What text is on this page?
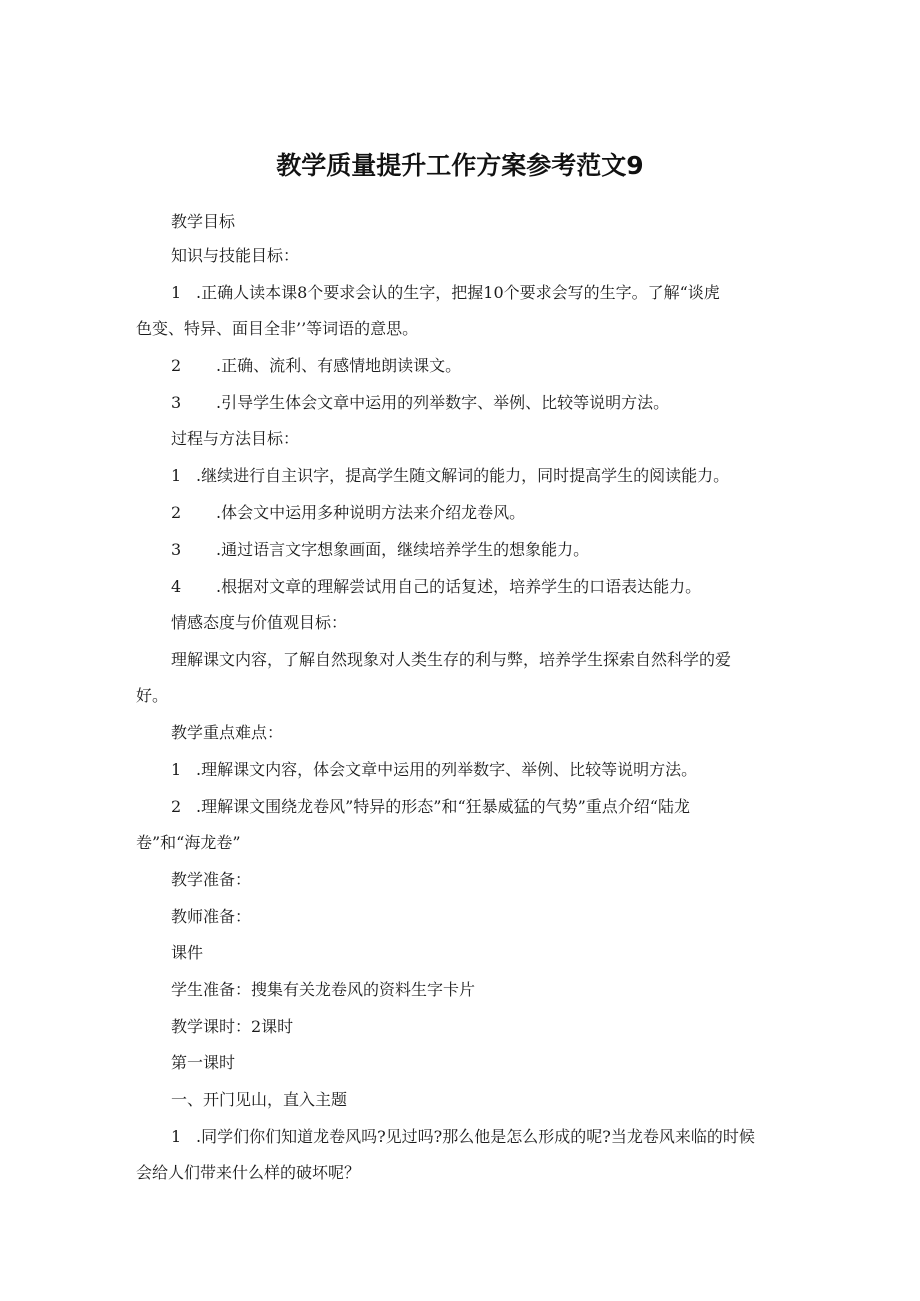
教学质量提升工作方案参考范文9
教学目标
知识与技能目标：
1 .正确人读本课8个要求会认的生字，把握10个要求会写的生字。了解“谈虎
色变、特异、面目全非’’等词语的意思。
2 .正确、流利、有感情地朗读课文。
3 .引导学生体会文章中运用的列举数字、举例、比较等说明方法。
过程与方法目标：
1 .继续进行自主识字，提高学生随文解词的能力，同时提高学生的阅读能力。
2 .体会文中运用多种说明方法来介绍龙卷风。
3 .通过语言文字想象画面，继续培养学生的想象能力。
4 .根据对文章的理解尝试用自己的话复述，培养学生的口语表达能力。
情感态度与价值观目标：
理解课文内容，了解自然现象对人类生存的利与弊，培养学生探索自然科学的爱
好。
教学重点难点：
1 .理解课文内容，体会文章中运用的列举数字、举例、比较等说明方法。
2 .理解课文围绕龙卷风”特异的形态”和“狂暴威猛的气势”重点介绍“陆龙
卷”和“海龙卷”
教学准备：
教师准备：
课件
学生准备：搜集有关龙卷风的资料生字卡片
教学课时：2课时
第一课时
一、开门见山，直入主题
1 .同学们你们知道龙卷风吗?见过吗?那么他是怎么形成的呢?当龙卷风来临的时候
会给人们带来什么样的破坏呢？
